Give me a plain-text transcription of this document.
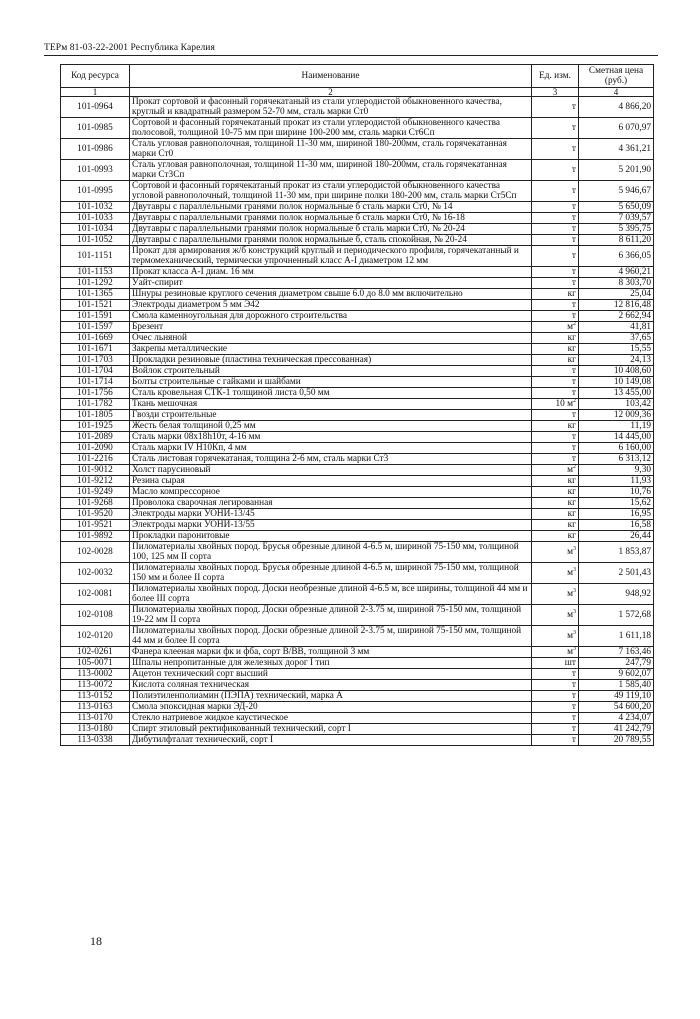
ТЕРм 81-03-22-2001 Республика Карелия
Код ресурса	Наименование	Ед. изм.	Сметная цена (руб.)
1	2	3	4
101-0964	Прокат сортовой и фасонный горячекатаный из стали углеродистой обыкновенного качества, круглый и квадратный размером 52-70 мм, сталь марки Ст0	т	4 866,20
101-0985	Сортовой и фасонный горячекатаный прокат из стали углеродистой обыкновенного качества полосовой, толщиной 10-75 мм при ширине 100-200 мм, сталь марки Ст6Сп	т	6 070,97
101-0986	Сталь угловая равнополочная, толщиной 11-30 мм, шириной 180-200мм, сталь горячекатанная марки Ст0	т	4 361,21
101-0993	Сталь угловая равнополочная, толщиной 11-30 мм, шириной 180-200мм, сталь горячекатанная марки Ст3Сп	т	5 201,90
101-0995	Сортовой и фасонный горячекатаный прокат из стали углеродистой обыкновенного качества угловой равнополочный, толщиной 11-30 мм, при ширине полки 180-200 мм, сталь марки Ст5Сп	т	5 946,67
101-1032	Двутавры с параллельными гранями полок нормальные б сталь марки Ст0, № 14	т	5 650,09
101-1033	Двутавры с параллельными гранями полок нормальные б сталь марки Ст0, № 16-18	т	7 039,57
101-1034	Двутавры с параллельными гранями полок нормальные б сталь марки Ст0, № 20-24	т	5 395,75
101-1052	Двутавры с параллельными гранями полок нормальные б, сталь спокойная, № 20-24	т	8 611,20
101-1151	Прокат для армирования ж/б конструкций круглый и периодического профиля, горячекатанный и термомеханический, термически упрочненный класс А-I диаметром 12 мм	т	6 366,05
101-1153	Прокат класса А-I диам. 16 мм	т	4 960,21
101-1292	Уайт-спирит	т	8 303,70
101-1365	Шнуры резиновые круглого сечения диаметром свыше 6.0 до 8.0 мм включительно	кг	25,04
101-1521	Электроды диаметром 5 мм Э42	т	12 816,48
101-1591	Смола каменноугольная для дорожного строительства	т	2 662,94
101-1597	Брезент	$м^2$	41,81
101-1669	Очес льняной	кг	37,65
101-1671	Закрепы металлические	кг	15,55
101-1703	Прокладки резиновые (пластина техническая прессованная)	кг	24,13
101-1704	Войлок строительный	т	10 408,60
101-1714	Болты строительные с гайками и шайбами	т	10 149,08
101-1756	Сталь кровельная СТК-1 толщиной листа 0,50 мм	т	13 455,00
101-1782	Ткань мешочная	10 $м^2$	103,42
101-1805	Гвозди строительные	т	12 009,36
101-1925	Жесть белая толщиной 0,25 мм	кг	11,19
101-2089	Сталь марки 08х18h10т, 4-16 мм	т	14 445,00
101-2090	Сталь марки IV Н10Кп, 4 мм	т	6 160,00
101-2216	Сталь листовая горячекатаная, толщина 2-6 мм, сталь марки Ст3	т	6 313,12
101-9012	Холст парусиновый	$м^2$	9,30
101-9212	Резина сырая	кг	11,93
101-9249	Масло компрессорное	кг	10,76
101-9268	Проволока сварочная легированная	кг	15,62
101-9520	Электроды марки УОНИ-13/45	кг	16,95
101-9521	Электроды марки УОНИ-13/55	кг	16,58
101-9892	Прокладки паронитовые	кг	26,44
102-0028	Пиломатериалы хвойных пород. Брусья обрезные длиной 4-6.5 м, шириной 75-150 мм, толщиной 100, 125 мм II сорта	$м^3$	1 853,87
102-0032	Пиломатериалы хвойных пород. Брусья обрезные длиной 4-6.5 м, шириной 75-150 мм, толщиной 150 мм и более II сорта	$м^3$	2 501,43
102-0081	Пиломатериалы хвойных пород. Доски необрезные длиной 4-6.5 м, все ширины, толщиной 44 мм и более III сорта	$м^3$	948,92
102-0108	Пиломатериалы хвойных пород. Доски обрезные длиной 2-3.75 м, шириной 75-150 мм, толщиной 19-22 мм II сорта	$м^3$	1 572,68
102-0120	Пиломатериалы хвойных пород. Доски обрезные длиной 2-3.75 м, шириной 75-150 мм, толщиной 44 мм и более II сорта	$м^3$	1 611,18
102-0261	Фанера клееная марки фк и фба, сорт В/ВВ, толщиной 3 мм	$м^3$	7 163,46
105-0071	Шпалы непропитанные для железных дорог I тип	шт	247,79
113-0002	Ацетон технический сорт высший	т	9 602,07
113-0072	Кислота соляная техническая	т	1 585,40
113-0152	Полиэтиленполиамин (ПЭПА) технический, марка А	т	49 119,10
113-0163	Смола эпоксидная марки ЭД-20	т	54 600,20
113-0170	Стекло натриевое жидкое каустическое	т	4 234,07
113-0180	Спирт этиловый ректификованный технический, сорт I	т	41 242,79
113-0338	Дибутилфталат технический, сорт I	т	20 789,55
18
